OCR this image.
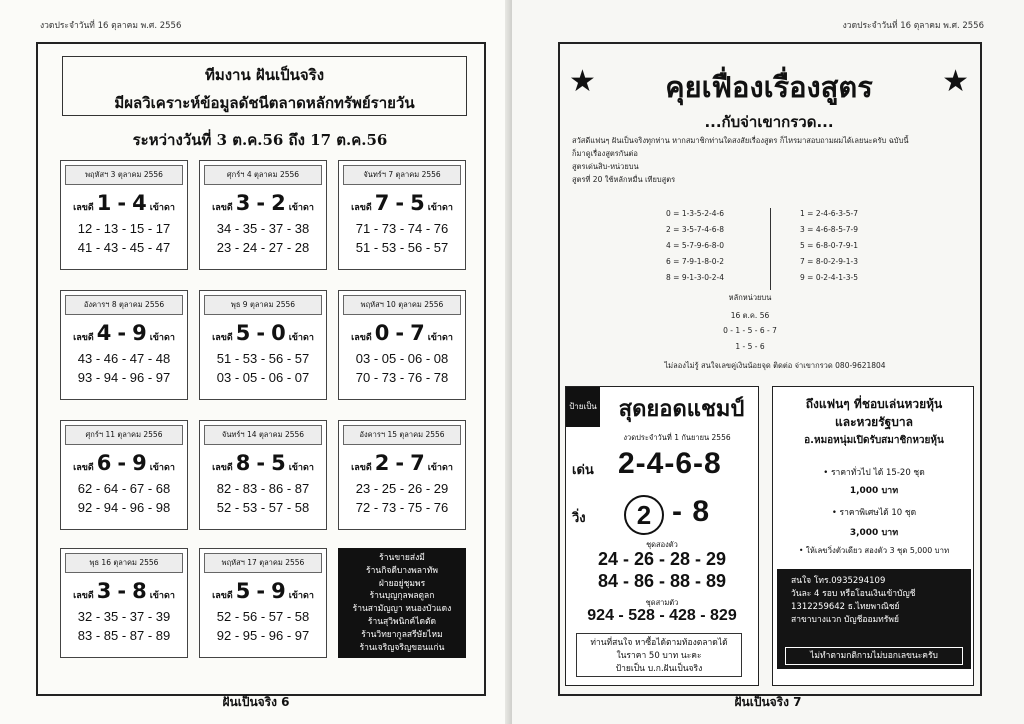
งวดประจำวันที่ 16 ตุลาคม พ.ศ. 2556
ทีมงาน ฝันเป็นจริง
มีผลวิเคราะห์ข้อมูลดัชนีตลาดหลักทรัพย์รายวัน
ระหว่างวันที่ 3 ต.ค.56 ถึง 17 ต.ค.56
พฤหัสฯ 3 ตุลาคม 2556
เลขดี 1 - 4 เข้าดา
12 - 13 - 15 - 17
41 - 43 - 45 - 47
ศุกร์ฯ 4 ตุลาคม 2556
เลขดี 3 - 2 เข้าดา
34 - 35 - 37 - 38
23 - 24 - 27 - 28
จันทร์ฯ 7 ตุลาคม 2556
เลขดี 7 - 5 เข้าดา
71 - 73 - 74 - 76
51 - 53 - 56 - 57
อังคารฯ 8 ตุลาคม 2556
เลขดี 4 - 9 เข้าดา
43 - 46 - 47 - 48
93 - 94 - 96 - 97
พุธ 9 ตุลาคม 2556
เลขดี 5 - 0 เข้าดา
51 - 53 - 56 - 57
03 - 05 - 06 - 07
พฤหัสฯ 10 ตุลาคม 2556
เลขดี 0 - 7 เข้าดา
03 - 05 - 06 - 08
70 - 73 - 76 - 78
ศุกร์ฯ 11 ตุลาคม 2556
เลขดี 6 - 9 เข้าดา
62 - 64 - 67 - 68
92 - 94 - 96 - 98
จันทร์ฯ 14 ตุลาคม 2556
เลขดี 8 - 5 เข้าดา
82 - 83 - 86 - 87
52 - 53 - 57 - 58
อังคารฯ 15 ตุลาคม 2556
เลขดี 2 - 7 เข้าดา
23 - 25 - 26 - 29
72 - 73 - 75 - 76
พุธ 16 ตุลาคม 2556
เลขดี 3 - 8 เข้าดา
32 - 35 - 37 - 39
83 - 85 - 87 - 89
พฤหัสฯ 17 ตุลาคม 2556
เลขดี 5 - 9 เข้าดา
52 - 56 - 57 - 58
92 - 95 - 96 - 97
ร้านขายส่งมี
ร้านกิจดีบางพลาทัพ
ฝ่ายอยู่ชุมพร
ร้านบุญกุลพลตูลก
ร้านสามัญญา หนองบัวแดง
ร้านสุวิพนิกค์ไดตัด
ร้านวิทยากูลสรีษัยไหม
ร้านเจริญจริญขอนแก่น
ฝันเป็นจริง 6
งวดประจำวันที่ 16 ตุลาคม พ.ศ. 2556
★	คุยเฟื่องเรื่องสูตร	★
...กับจ่าเขากรวด...
สวัสดีแฟนๆ ฝันเป็นจริงทุกท่าน หากสมาชิกท่านใดสงสัยเรื่องสูตร ก็ไหรมาสอบถามผมได้เลยนะครับ ฉบับนี้
ก็มาดูเรื่องสูตรกันต่อ
สูตรเด่นสิบ-หน่วยบน
สูตรที่ 20 ใช้หลักหมื่น เทียบสูตร
0 = 1-3-5-2-4-6
2 = 3-5-7-4-6-8
4 = 5-7-9-6-8-0
6 = 7-9-1-8-0-2
8 = 9-1-3-0-2-4
1 = 2-4-6-3-5-7
3 = 4-6-8-5-7-9
5 = 6-8-0-7-9-1
7 = 8-0-2-9-1-3
9 = 0-2-4-1-3-5
หลักหน่วยบน
16 ต.ค. 56
0 - 1 - 5 - 6 - 7
1 - 5 - 6
ไม่ลองไม่รู้ สนใจเลขคู่เงินน้อยจุด ติดต่อ จ่าเขากรวด 080-9621804
ป้ายเป็น สุดยอดแชมป์
งวดประจำวันที่ 1 กันยายน 2556
เด่น 2-4-6-8
วิ่ง	2 - 8
ชุดสองตัว
24 - 26 - 28 - 29
84 - 86 - 88 - 89
ชุดสามตัว
924 - 528 - 428 - 829
ท่านที่สนใจ หาซื้อได้ตามท้องตลาดได้
ในราคา 50 บาท นะคะ
ป้ายเป็น บ.ก.ฝันเป็นจริง
ถึงแฟนๆ ที่ชอบเล่นหวยหุ้น
และหวยรัฐบาล
อ.หมอหนุ่มเปิดรับสมาชิกหวยหุ้น
• ราคาทั่วไป ได้ 15-20 ชุด
1,000 บาท
• ราคาพิเศษได้ 10 ชุด
3,000 บาท
• ให้เลขวิ่งตัวเดียว สองตัว 3 ชุด 5,000 บาท
สนใจ โทร.0935294109
วันละ 4 รอบ หรือโอนเงินเข้าบัญชี
1312259642 ธ.ไทยพาณิชย์
สาขาบางแวก บัญชีออมทรัพย์
ไม่ทำตามกติกามไม่บอกเลขนะครับ
ฝันเป็นจริง 7
